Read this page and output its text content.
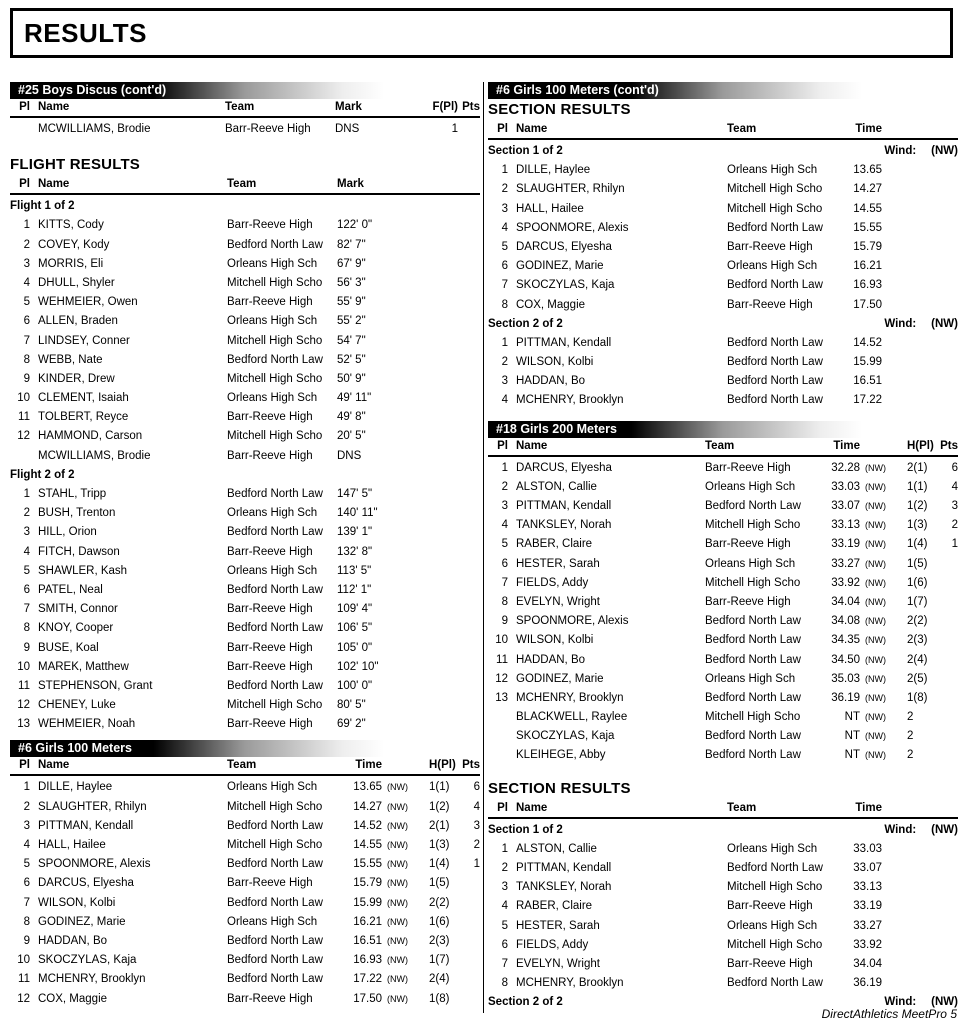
RESULTS
#25 Boys Discus (cont'd)
Pl Name	Team	Mark	F(Pl) Pts
MCWILLIAMS, Brodie	Barr-Reeve High	DNS	1
FLIGHT RESULTS
Pl Name	Team	Mark
Flight 1 of 2
1 KITTS, Cody	Barr-Reeve High	122' 0"
2 COVEY, Kody	Bedford North Law	82' 7"
3 MORRIS, Eli	Orleans High Sch	67' 9"
4 DHULL, Shyler	Mitchell High Scho	56' 3"
5 WEHMEIER, Owen	Barr-Reeve High	55' 9"
6 ALLEN, Braden	Orleans High Sch	55' 2"
7 LINDSEY, Conner	Mitchell High Scho	54' 7"
8 WEBB, Nate	Bedford North Law	52' 5"
9 KINDER, Drew	Mitchell High Scho	50' 9"
10 CLEMENT, Isaiah	Orleans High Sch	49' 11"
11 TOLBERT, Reyce	Barr-Reeve High	49' 8"
12 HAMMOND, Carson	Mitchell High Scho	20' 5"
MCWILLIAMS, Brodie	Barr-Reeve High	DNS
Flight 2 of 2
1 STAHL, Tripp	Bedford North Law	147' 5"
2 BUSH, Trenton	Orleans High Sch	140' 11"
3 HILL, Orion	Bedford North Law	139' 1"
4 FITCH, Dawson	Barr-Reeve High	132' 8"
5 SHAWLER, Kash	Orleans High Sch	113' 5"
6 PATEL, Neal	Bedford North Law	112' 1"
7 SMITH, Connor	Barr-Reeve High	109' 4"
8 KNOY, Cooper	Bedford North Law	106' 5"
9 BUSE, Koal	Barr-Reeve High	105' 0"
10 MAREK, Matthew	Barr-Reeve High	102' 10"
11 STEPHENSON, Grant	Bedford North Law	100' 0"
12 CHENEY, Luke	Mitchell High Scho	80' 5"
13 WEHMEIER, Noah	Barr-Reeve High	69' 2"
#6 Girls 100 Meters
Pl Name	Team	Time	H(Pl) Pts
1 DILLE, Haylee	Orleans High Sch	13.65 (NW)	1(1)	6
2 SLAUGHTER, Rhilyn	Mitchell High Scho	14.27 (NW)	1(2)	4
3 PITTMAN, Kendall	Bedford North Law	14.52 (NW)	2(1)	3
4 HALL, Hailee	Mitchell High Scho	14.55 (NW)	1(3)	2
5 SPOONMORE, Alexis	Bedford North Law	15.55 (NW)	1(4)	1
6 DARCUS, Elyesha	Barr-Reeve High	15.79 (NW)	1(5)
7 WILSON, Kolbi	Bedford North Law	15.99 (NW)	2(2)
8 GODINEZ, Marie	Orleans High Sch	16.21 (NW)	1(6)
9 HADDAN, Bo	Bedford North Law	16.51 (NW)	2(3)
10 SKOCZYLAS, Kaja	Bedford North Law	16.93 (NW)	1(7)
11 MCHENRY, Brooklyn	Bedford North Law	17.22 (NW)	2(4)
12 COX, Maggie	Barr-Reeve High	17.50 (NW)	1(8)
#6 Girls 100 Meters (cont'd)
SECTION RESULTS
Pl Name	Team	Time
Section 1 of 2	Wind: (NW)
1 DILLE, Haylee	Orleans High Sch	13.65
2 SLAUGHTER, Rhilyn	Mitchell High Scho	14.27
3 HALL, Hailee	Mitchell High Scho	14.55
4 SPOONMORE, Alexis	Bedford North Law	15.55
5 DARCUS, Elyesha	Barr-Reeve High	15.79
6 GODINEZ, Marie	Orleans High Sch	16.21
7 SKOCZYLAS, Kaja	Bedford North Law	16.93
8 COX, Maggie	Barr-Reeve High	17.50
Section 2 of 2	Wind: (NW)
1 PITTMAN, Kendall	Bedford North Law	14.52
2 WILSON, Kolbi	Bedford North Law	15.99
3 HADDAN, Bo	Bedford North Law	16.51
4 MCHENRY, Brooklyn	Bedford North Law	17.22
#18 Girls 200 Meters
Pl Name	Team	Time	H(Pl) Pts
1 DARCUS, Elyesha	Barr-Reeve High	32.28 (NW)	2(1)	6
2 ALSTON, Callie	Orleans High Sch	33.03 (NW)	1(1)	4
3 PITTMAN, Kendall	Bedford North Law	33.07 (NW)	1(2)	3
4 TANKSLEY, Norah	Mitchell High Scho	33.13 (NW)	1(3)	2
5 RABER, Claire	Barr-Reeve High	33.19 (NW)	1(4)	1
6 HESTER, Sarah	Orleans High Sch	33.27 (NW)	1(5)
7 FIELDS, Addy	Mitchell High Scho	33.92 (NW)	1(6)
8 EVELYN, Wright	Barr-Reeve High	34.04 (NW)	1(7)
9 SPOONMORE, Alexis	Bedford North Law	34.08 (NW)	2(2)
10 WILSON, Kolbi	Bedford North Law	34.35 (NW)	2(3)
11 HADDAN, Bo	Bedford North Law	34.50 (NW)	2(4)
12 GODINEZ, Marie	Orleans High Sch	35.03 (NW)	2(5)
13 MCHENRY, Brooklyn	Bedford North Law	36.19 (NW)	1(8)
BLACKWELL, Raylee	Mitchell High Scho	NT (NW)	2
SKOCZYLAS, Kaja	Bedford North Law	NT (NW)	2
KLEIHEGE, Abby	Bedford North Law	NT (NW)	2
SECTION RESULTS
Pl Name	Team	Time
Section 1 of 2	Wind: (NW)
1 ALSTON, Callie	Orleans High Sch	33.03
2 PITTMAN, Kendall	Bedford North Law	33.07
3 TANKSLEY, Norah	Mitchell High Scho	33.13
4 RABER, Claire	Barr-Reeve High	33.19
5 HESTER, Sarah	Orleans High Sch	33.27
6 FIELDS, Addy	Mitchell High Scho	33.92
7 EVELYN, Wright	Barr-Reeve High	34.04
8 MCHENRY, Brooklyn	Bedford North Law	36.19
Section 2 of 2	Wind: (NW)
DirectAthletics MeetPro 5
